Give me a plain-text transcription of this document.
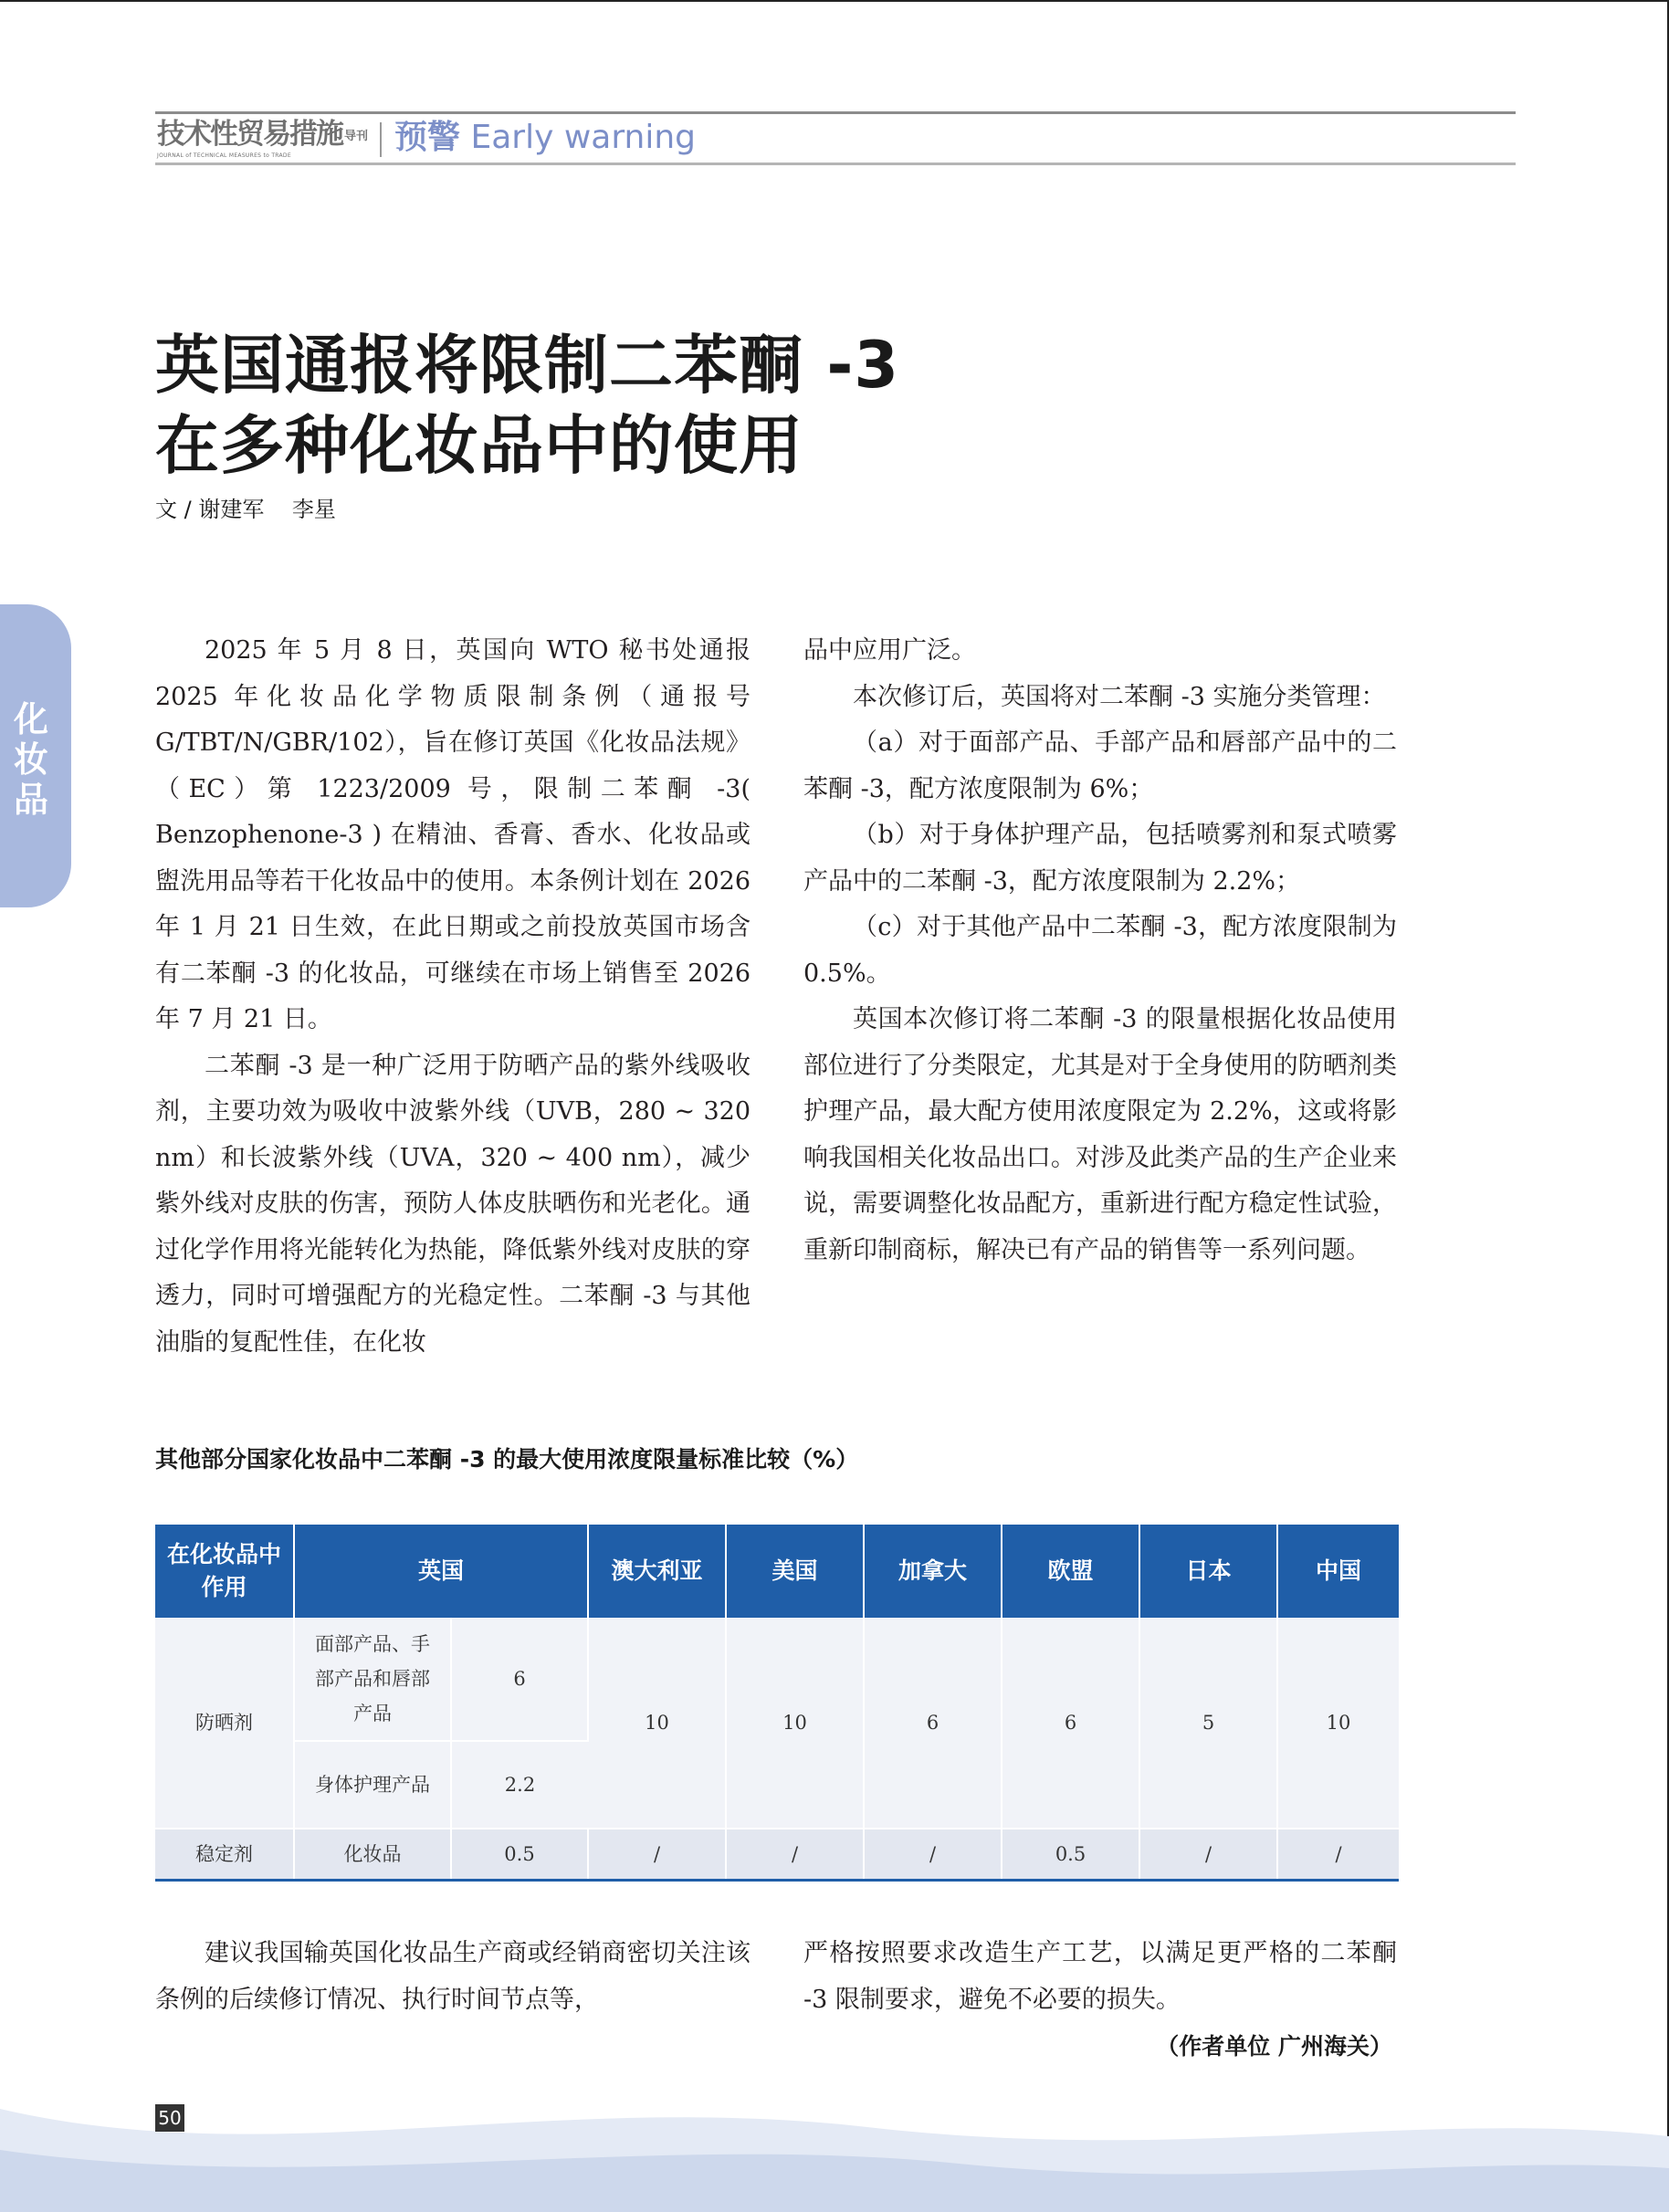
技术性贸易措施 导刊
JOURNAL of TECHNICAL MEASURES to TRADE	预警 Early warning
化妆品
英国通报将限制二苯酮 -3
在多种化妆品中的使用
文 / 谢建军    李星

2025 年 5 月 8 日，英国向 WTO 秘书处通报 2025 年化妆品化学物质限制条例（通报号 G/TBT/N/GBR/102），旨在修订英国《化妆品法规》（EC）第 1223/2009 号，限制二苯酮 -3( Benzophenone-3 ) 在精油、香膏、香水、化妆品或盥洗用品等若干化妆品中的使用。本条例计划在 2026 年 1 月 21 日生效，在此日期或之前投放英国市场含有二苯酮 -3 的化妆品，可继续在市场上销售至 2026 年 7 月 21 日。

二苯酮 -3 是一种广泛用于防晒产品的紫外线吸收剂，主要功效为吸收中波紫外线（UVB，280 ~ 320 nm）和长波紫外线（UVA，320 ~ 400 nm），减少紫外线对皮肤的伤害，预防人体皮肤晒伤和光老化。通过化学作用将光能转化为热能，降低紫外线对皮肤的穿透力，同时可增强配方的光稳定性。二苯酮 -3 与其他油脂的复配性佳，在化妆

品中应用广泛。

本次修订后，英国将对二苯酮 -3 实施分类管理：

（a）对于面部产品、手部产品和唇部产品中的二苯酮 -3，配方浓度限制为 6%；

（b）对于身体护理产品，包括喷雾剂和泵式喷雾产品中的二苯酮 -3，配方浓度限制为 2.2%；

（c）对于其他产品中二苯酮 -3，配方浓度限制为 0.5%。

英国本次修订将二苯酮 -3 的限量根据化妆品使用部位进行了分类限定，尤其是对于全身使用的防晒剂类护理产品，最大配方使用浓度限定为 2.2%，这或将影响我国相关化妆品出口。对涉及此类产品的生产企业来说，需要调整化妆品配方，重新进行配方稳定性试验，重新印制商标，解决已有产品的销售等一系列问题。

其他部分国家化妆品中二苯酮 -3 的最大使用浓度限量标准比较（%）
在化妆品中作用	英国		澳大利亚	美国	加拿大	欧盟	日本	中国
防晒剂	面部产品、手部产品和唇部产品	6	10	10	6	6	5	10
	身体护理产品	2.2						
稳定剂	化妆品	0.5	/	/	/	0.5	/	/

建议我国输英国化妆品生产商或经销商密切关注该条例的后续修订情况、执行时间节点等，

严格按照要求改造生产工艺，以满足更严格的二苯酮 -3 限制要求，避免不必要的损失。

（作者单位 广州海关）
50
